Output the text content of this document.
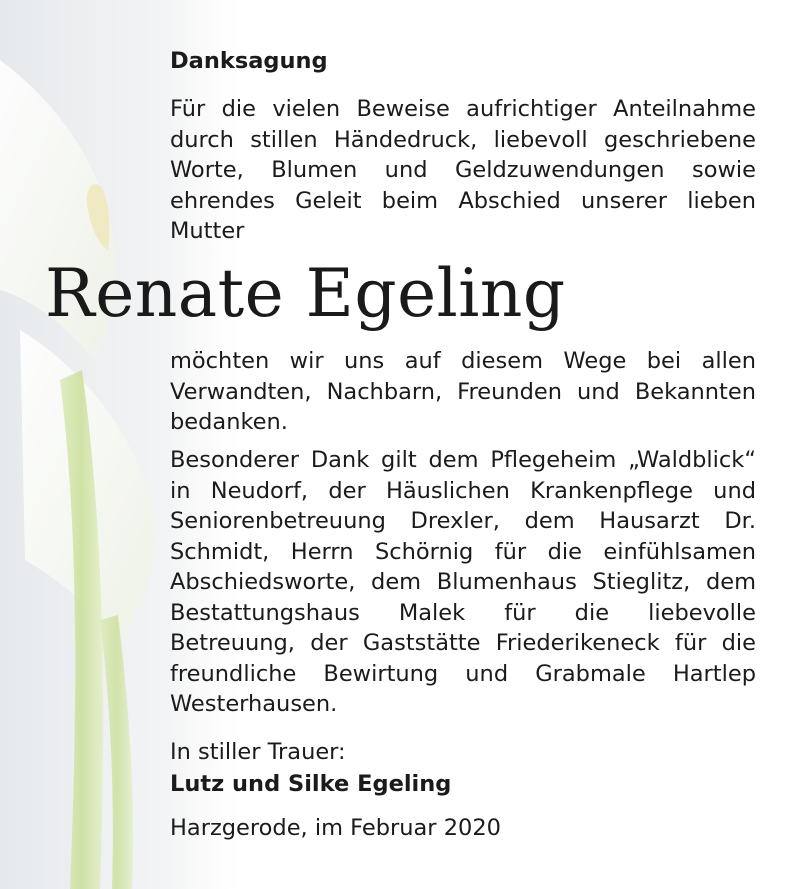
Danksagung

Für die vielen Beweise aufrichtiger Anteilnahme durch stillen Händedruck, liebevoll geschriebene Worte, Blumen und Geldzuwendungen sowie ehrendes Geleit beim Abschied unserer lieben Mutter

Renate Egeling

möchten wir uns auf diesem Wege bei allen Verwandten, Nachbarn, Freunden und Bekannten bedanken.

Besonderer Dank gilt dem Pflegeheim „Waldblick“ in Neudorf, der Häuslichen Krankenpflege und Seniorenbetreuung Drexler, dem Hausarzt Dr. Schmidt, Herrn Schörnig für die einfühlsamen Abschiedsworte, dem Blumenhaus Stieglitz, dem Bestattungshaus Malek für die liebevolle Betreuung, der Gaststätte Friederikeneck für die freundliche Bewirtung und Grabmale Hartlep Westerhausen.

In stiller Trauer:
Lutz und Silke Egeling

Harzgerode, im Februar 2020
